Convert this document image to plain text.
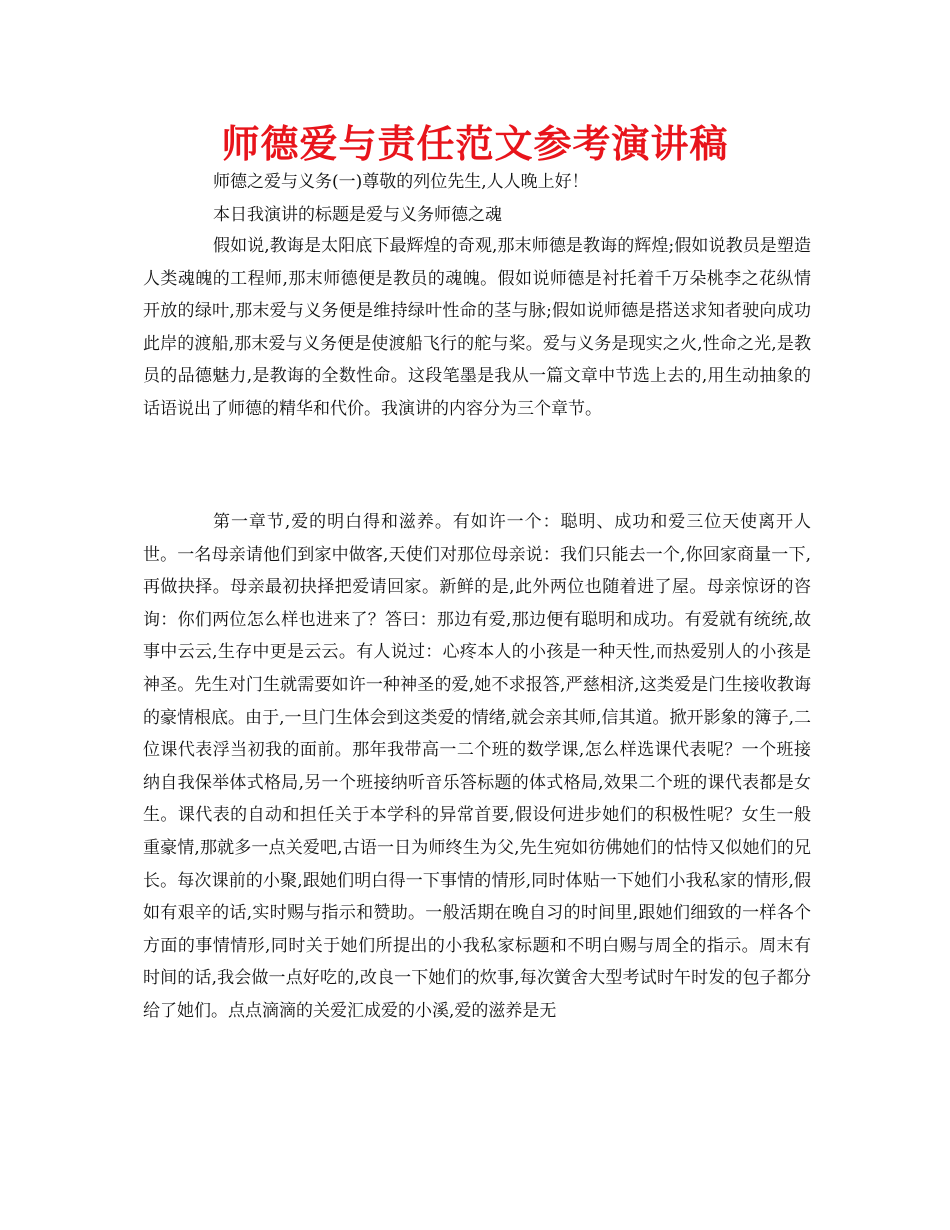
师德爱与责任范文参考演讲稿
师德之爱与义务(一)尊敬的列位先生,人人晚上好！
本日我演讲的标题是爱与义务师德之魂

假如说,教诲是太阳底下最辉煌的奇观,那末师德是教诲的辉煌;假如说教员是塑造人类魂魄的工程师,那末师德便是教员的魂魄。假如说师德是衬托着千万朵桃李之花纵情开放的绿叶,那末爱与义务便是维持绿叶性命的茎与脉;假如说师德是搭送求知者驶向成功此岸的渡船,那末爱与义务便是使渡船飞行的舵与桨。爱与义务是现实之火,性命之光,是教员的品德魅力,是教诲的全数性命。这段笔墨是我从一篇文章中节选上去的,用生动抽象的话语说出了师德的精华和代价。我演讲的内容分为三个章节。

第一章节,爱的明白得和滋养。有如许一个：聪明、成功和爱三位天使离开人世。一名母亲请他们到家中做客,天使们对那位母亲说：我们只能去一个,你回家商量一下,再做抉择。母亲最初抉择把爱请回家。新鲜的是,此外两位也随着进了屋。母亲惊讶的咨询：你们两位怎么样也进来了？答曰：那边有爱,那边便有聪明和成功。有爱就有统统,故事中云云,生存中更是云云。有人说过：心疼本人的小孩是一种天性,而热爱别人的小孩是神圣。先生对门生就需要如许一种神圣的爱,她不求报答,严慈相济,这类爱是门生接收教诲的豪情根底。由于,一旦门生体会到这类爱的情绪,就会亲其师,信其道。掀开影象的簿子,二位课代表浮当初我的面前。那年我带高一二个班的数学课,怎么样选课代表呢？一个班接纳自我保举体式格局,另一个班接纳听音乐答标题的体式格局,效果二个班的课代表都是女生。课代表的自动和担任关于本学科的异常首要,假设何进步她们的积极性呢？女生一般重豪情,那就多一点关爱吧,古语一日为师终生为父,先生宛如彷佛她们的怙恃又似她们的兄长。每次课前的小聚,跟她们明白得一下事情的情形,同时体贴一下她们小我私家的情形,假如有艰辛的话,实时赐与指示和赞助。一般活期在晚自习的时间里,跟她们细致的一样各个方面的事情情形,同时关于她们所提出的小我私家标题和不明白赐与周全的指示。周末有时间的话,我会做一点好吃的,改良一下她们的炊事,每次黉舍大型考试时午时发的包子都分给了她们。点点滴滴的关爱汇成爱的小溪,爱的滋养是无
